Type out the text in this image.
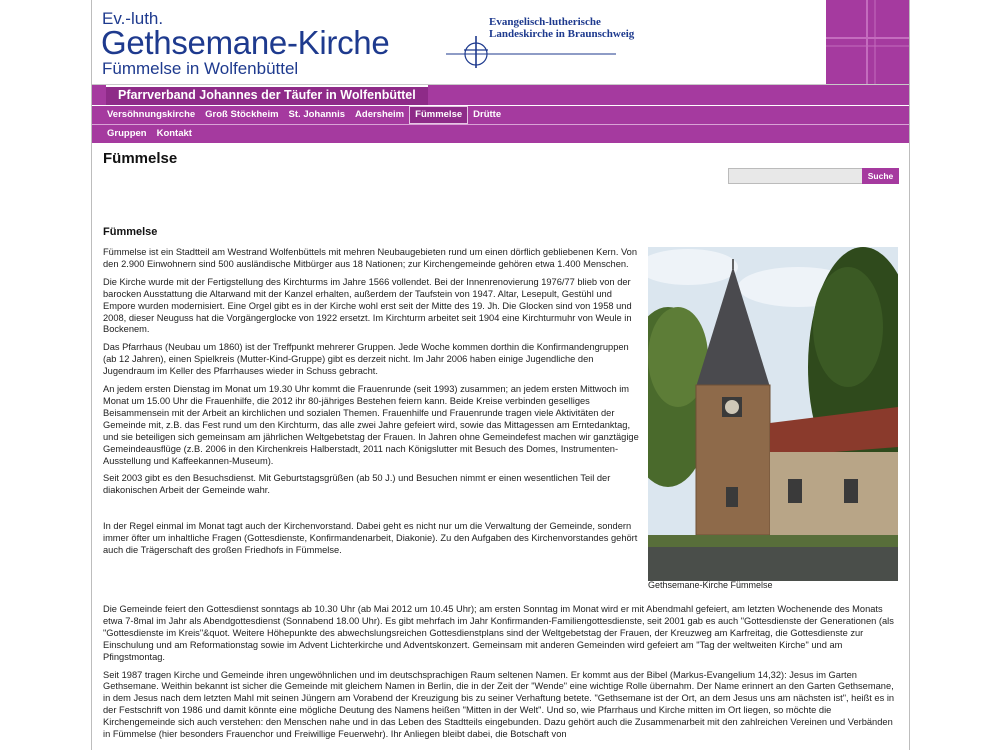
Ev.-luth.
Gethsemane-Kirche
Fümmelse in Wolfenbüttel
Evangelisch-lutherische
Landeskirche in Braunschweig
Pfarrverband Johannes der Täufer in Wolfenbüttel
Versöhnungskirche	Groß Stöckheim	St. Johannis	Adersheim	Fümmelse	Drütte
Gruppen	Kontakt
Fümmelse
Suche
Fümmelse

Fümmelse ist ein Stadtteil am Westrand Wolfenbüttels mit mehren Neubaugebieten rund um einen dörflich gebliebenen Kern. Von den 2.900 Einwohnern sind 500 ausländische Mitbürger aus 18 Nationen; zur Kirchengemeinde gehören etwa 1.400 Menschen.

Die Kirche wurde mit der Fertigstellung des Kirchturms im Jahre 1566 vollendet. Bei der Innenrenovierung 1976/77 blieb von der barocken Ausstattung die Altarwand mit der Kanzel erhalten, außerdem der Taufstein von 1947. Altar, Lesepult, Gestühl und Empore wurden modernisiert. Eine Orgel gibt es in der Kirche wohl erst seit der Mitte des 19. Jh. Die Glocken sind von 1958 und 2008, dieser Neuguss hat die Vorgängerglocke von 1922 ersetzt. Im Kirchturm arbeitet seit 1904 eine Kirchturmuhr von Weule in Bockenem.

Das Pfarrhaus (Neubau um 1860) ist der Treffpunkt mehrerer Gruppen. Jede Woche kommen dorthin die Konfirmandengruppen (ab 12 Jahren), einen Spielkreis (Mutter-Kind-Gruppe) gibt es derzeit nicht. Im Jahr 2006 haben einige Jugendliche den Jugendraum im Keller des Pfarrhauses wieder in Schuss gebracht.

An jedem ersten Dienstag im Monat um 19.30 Uhr kommt die Frauenrunde (seit 1993) zusammen; an jedem ersten Mittwoch im Monat um 15.00 Uhr die Frauenhilfe, die 2012 ihr 80-jähriges Bestehen feiern kann. Beide Kreise verbinden geselliges Beisammensein mit der Arbeit an kirchlichen und sozialen Themen. Frauenhilfe und Frauenrunde tragen viele Aktivitäten der Gemeinde mit, z.B. das Fest rund um den Kirchturm, das alle zwei Jahre gefeiert wird, sowie das Mittagessen am Erntedanktag, und sie beteiligen sich gemeinsam am jährlichen Weltgebetstag der Frauen. In Jahren ohne Gemeindefest machen wir ganztägige Gemeindeausflüge (z.B. 2006 in den Kirchenkreis Halberstadt, 2011 nach Königslutter mit Besuch des Domes, Instrumenten-Ausstellung und Kaffeekannen-Museum).

Seit 2003 gibt es den Besuchsdienst. Mit Geburtstagsgrüßen (ab 50 J.) und Besuchen nimmt er einen wesentlichen Teil der diakonischen Arbeit der Gemeinde wahr.

In der Regel einmal im Monat tagt auch der Kirchenvorstand. Dabei geht es nicht nur um die Verwaltung der Gemeinde, sondern immer öfter um inhaltliche Fragen (Gottesdienste, Konfirmandenarbeit, Diakonie). Zu den Aufgaben des Kirchenvorstandes gehört auch die Trägerschaft des großen Friedhofs in Fümmelse.

Gethsemane-Kirche Fümmelse

Die Gemeinde feiert den Gottesdienst sonntags ab 10.30 Uhr (ab Mai 2012 um 10.45 Uhr); am ersten Sonntag im Monat wird er mit Abendmahl gefeiert, am letzten Wochenende des Monats etwa 7-8mal im Jahr als Abendgottesdienst (Sonnabend 18.00 Uhr). Es gibt mehrfach im Jahr Konfirmanden-Familiengottesdienste, seit 2001 gab es auch "Gottesdienste der Generationen (als "Gottesdienste im Kreis"&quot. Weitere Höhepunkte des abwechslungsreichen Gottesdienstplans sind der Weltgebetstag der Frauen, der Kreuzweg am Karfreitag, die Gottesdienste zur Einschulung und am Reformationstag sowie im Advent Lichterkirche und Adventskonzert. Gemeinsam mit anderen Gemeinden wird gefeiert am "Tag der weltweiten Kirche" und am Pfingstmontag.

Seit 1987 tragen Kirche und Gemeinde ihren ungewöhnlichen und im deutschsprachigen Raum seltenen Namen. Er kommt aus der Bibel (Markus-Evangelium 14,32): Jesus im Garten Gethsemane. Weithin bekannt ist sicher die Gemeinde mit gleichem Namen in Berlin, die in der Zeit der "Wende" eine wichtige Rolle übernahm. Der Name erinnert an den Garten Gethsemane, in dem Jesus nach dem letzten Mahl mit seinen Jüngern am Vorabend der Kreuzigung bis zu seiner Verhaftung betete. "Gethsemane ist der Ort, an dem Jesus uns am nächsten ist", heißt es in der Festschrift von 1986 und damit könnte eine mögliche Deutung des Namens heißen "Mitten in der Welt". Und so, wie Pfarrhaus und Kirche mitten im Ort liegen, so möchte die Kirchengemeinde sich auch verstehen: den Menschen nahe und in das Leben des Stadtteils eingebunden. Dazu gehört auch die Zusammenarbeit mit den zahlreichen Vereinen und Verbänden in Fümmelse (hier besonders Frauenchor und Freiwillige Feuerwehr). Ihr Anliegen bleibt dabei, die Botschaft von
